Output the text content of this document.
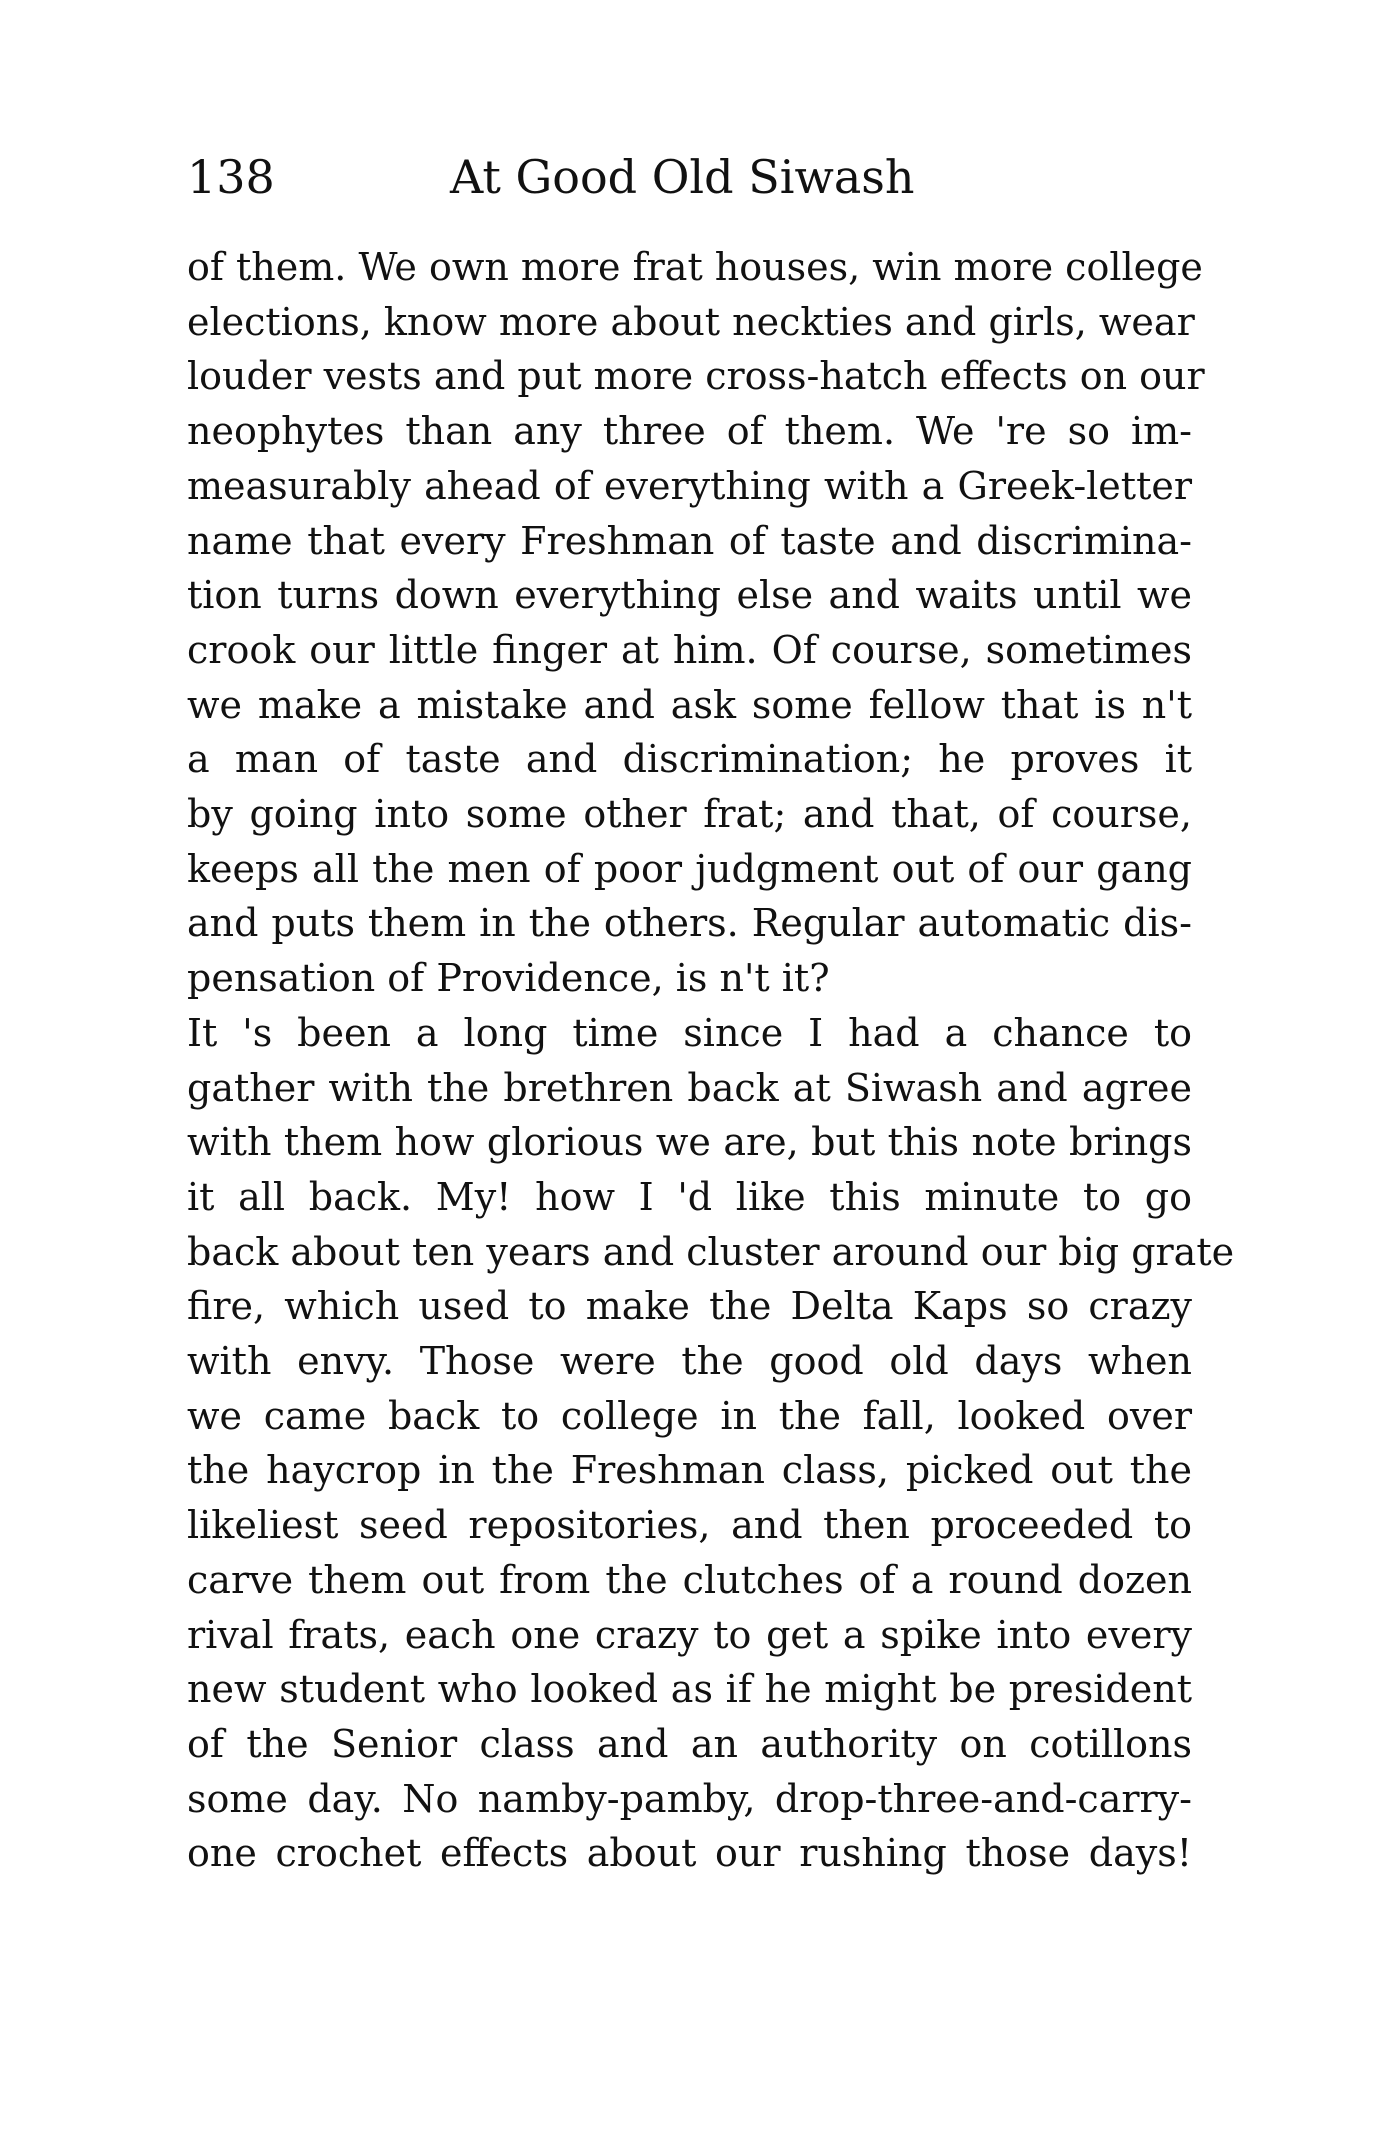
138	At Good Old Siwash
of them. We own more frat houses, win more college
elections, know more about neckties and girls, wear
louder vests and put more cross-hatch effects on our
neophytes than any three of them. We 're so im-
measurably ahead of everything with a Greek-letter
name that every Freshman of taste and discrimina-
tion turns down everything else and waits until we
crook our little finger at him. Of course, sometimes
we make a mistake and ask some fellow that is n't
a man of taste and discrimination; he proves it
by going into some other frat; and that, of course,
keeps all the men of poor judgment out of our gang
and puts them in the others. Regular automatic dis-
pensation of Providence, is n't it?
It 's been a long time since I had a chance to
gather with the brethren back at Siwash and agree
with them how glorious we are, but this note brings
it all back. My! how I 'd like this minute to go
back about ten years and cluster around our big grate
fire, which used to make the Delta Kaps so crazy
with envy. Those were the good old days when
we came back to college in the fall, looked over
the haycrop in the Freshman class, picked out the
likeliest seed repositories, and then proceeded to
carve them out from the clutches of a round dozen
rival frats, each one crazy to get a spike into every
new student who looked as if he might be president
of the Senior class and an authority on cotillons
some day. No namby-pamby, drop-three-and-carry-
one crochet effects about our rushing those days!
